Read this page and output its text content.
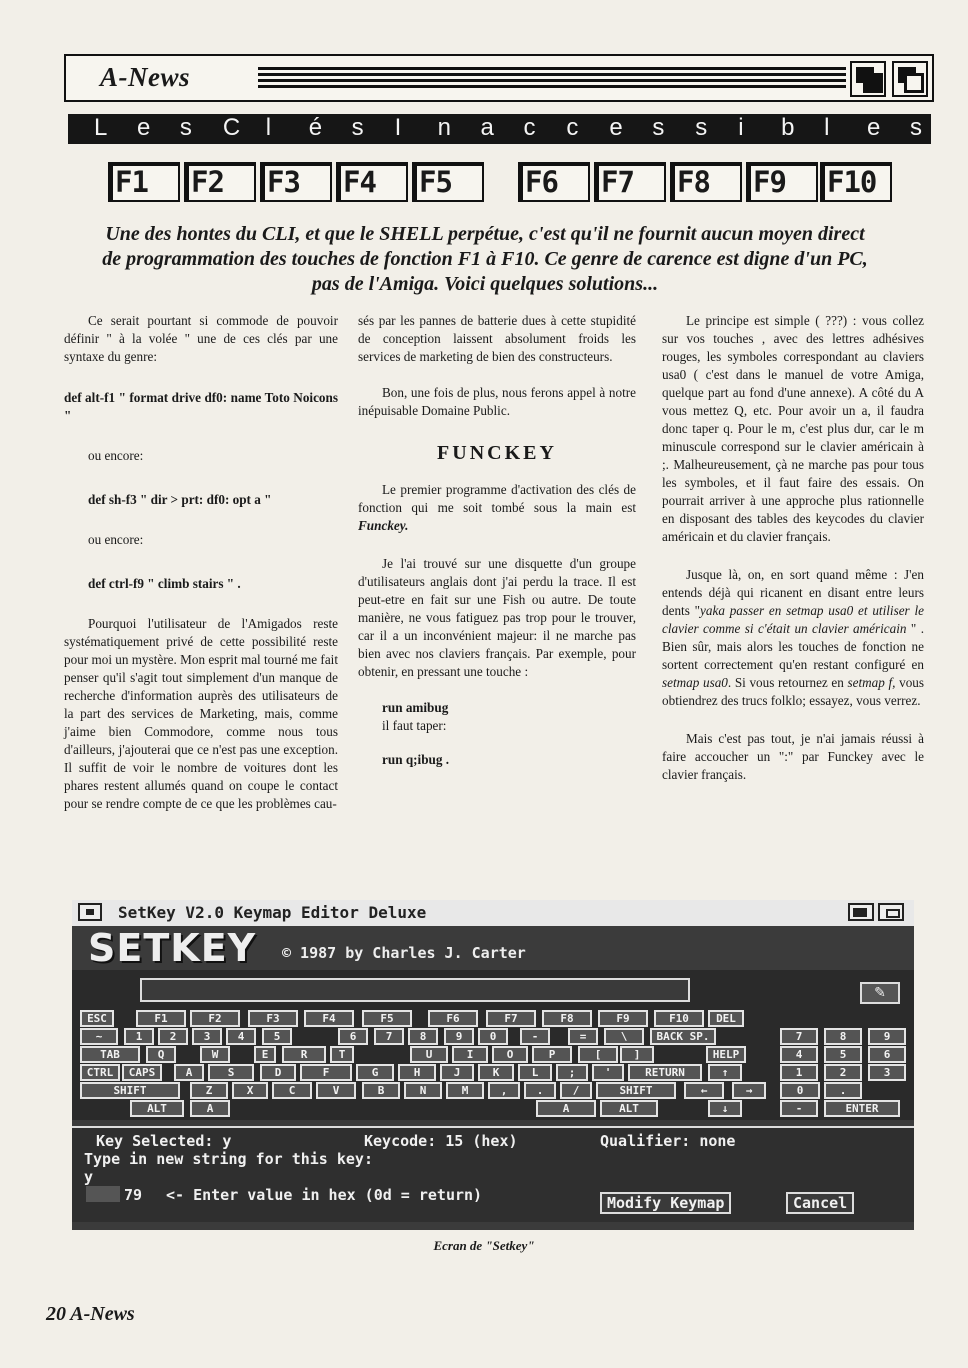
A-News
L e s C l é s I n a c c e s s i b l e s
F1	F2	F3	F4	F5	F6	F7	F8	F9	F10
Une des hontes du CLI, et que le SHELL perpétue, c'est qu'il ne fournit aucun moyen direct de programmation des touches de fonction F1 à F10. Ce genre de carence est digne d'un PC, pas de l'Amiga. Voici quelques solutions...

Ce serait pourtant si commode de pouvoir définir " à la volée " une de ces clés par une syntaxe du genre:

def alt-f1 " format drive df0: name Toto Noicons "

ou encore:

def sh-f3 " dir > prt: df0: opt a "

ou encore:

def ctrl-f9 " climb stairs " .

Pourquoi l'utilisateur de l'Amigados reste systématiquement privé de cette possibilité reste pour moi un mystère. Mon esprit mal tourné me fait penser qu'il s'agit tout simplement d'un manque de recherche d'information auprès des utilisateurs de la part des services de Marketing, mais, comme j'aime bien Commodore, comme nous tous d'ailleurs, j'ajouterai que ce n'est pas une exception. Il suffit de voir le nombre de voitures dont les phares restent allumés quand on coupe le contact pour se rendre compte de ce que les problèmes cau-

sés par les pannes de batterie dues à cette stupidité de conception laissent absolument froids les services de marketing de bien des constructeurs.

Bon, une fois de plus, nous ferons appel à notre inépuisable Domaine Public.

FUNCKEY

Le premier programme d'activation des clés de fonction qui me soit tombé sous la main est Funckey.

Je l'ai trouvé sur une disquette d'un groupe d'utilisateurs anglais dont j'ai perdu la trace. Il est peut-etre en fait sur une Fish ou autre. De toute manière, ne vous fatiguez pas trop pour le trouver, car il a un inconvénient majeur: il ne marche pas bien avec nos claviers français. Par exemple, pour obtenir, en pressant une touche :

run amibug

il faut taper:

run q;ibug .

Le principe est simple ( ???) : vous collez sur vos touches , avec des lettres adhésives rouges, les symboles correspondant au claviers usa0 ( c'est dans le manuel de votre Amiga, quelque part au fond d'une annexe). A côté du A vous mettez Q, etc. Pour avoir un a, il faudra donc taper q. Pour le m, c'est plus dur, car le m minuscule correspond sur le clavier américain à ;. Malheureusement, çà ne marche pas pour tous les symboles, et il faut faire des essais. On pourrait arriver à une approche plus rationnelle en disposant des tables des keycodes du clavier américain et du clavier français.

Jusque là, on, en sort quand même : J'en entends déjà qui ricanent en disant entre leurs dents "yaka passer en setmap usa0 et utiliser le clavier comme si c'était un clavier américain " . Bien sûr, mais alors les touches de fonction ne sortent correctement qu'en restant configuré en setmap usa0. Si vous retournez en setmap f, vous obtiendrez des trucs folklo; essayez, vous verrez.

Mais c'est pas tout, je n'ai jamais réussi à faire accoucher un ":" par Funckey avec le clavier français.

SetKey V2.0 Keymap Editor Deluxe
SETKEY © 1987 by Charles J. Carter
✎
ESC	F1	F2	F3	F4	F5	F6	F7	F8	F9	F10	DEL
~	1	2	3	4	5	6	7	8	9	0	-	=	\	BACK SP.
TAB	Q	W	E	R	T	U	I	O	P	[	]	HELP
CTRL	CAPS	A	S	D	F	G	H	J	K	L	;	'	RETURN	↑
SHIFT	Z	X	C	V	B	N	M	,	.	/	SHIFT	←	→
ALT	A	A	ALT	↓
7	8	9
4	5	6
1	2	3
0	.
-	ENTER
Key Selected: y	Keycode: 15 (hex)	Qualifier: none
Type in new string for this key:
y
79 <- Enter value in hex (0d = return)	Modify Keymap	Cancel
Ecran de "Setkey"
20 A-News
